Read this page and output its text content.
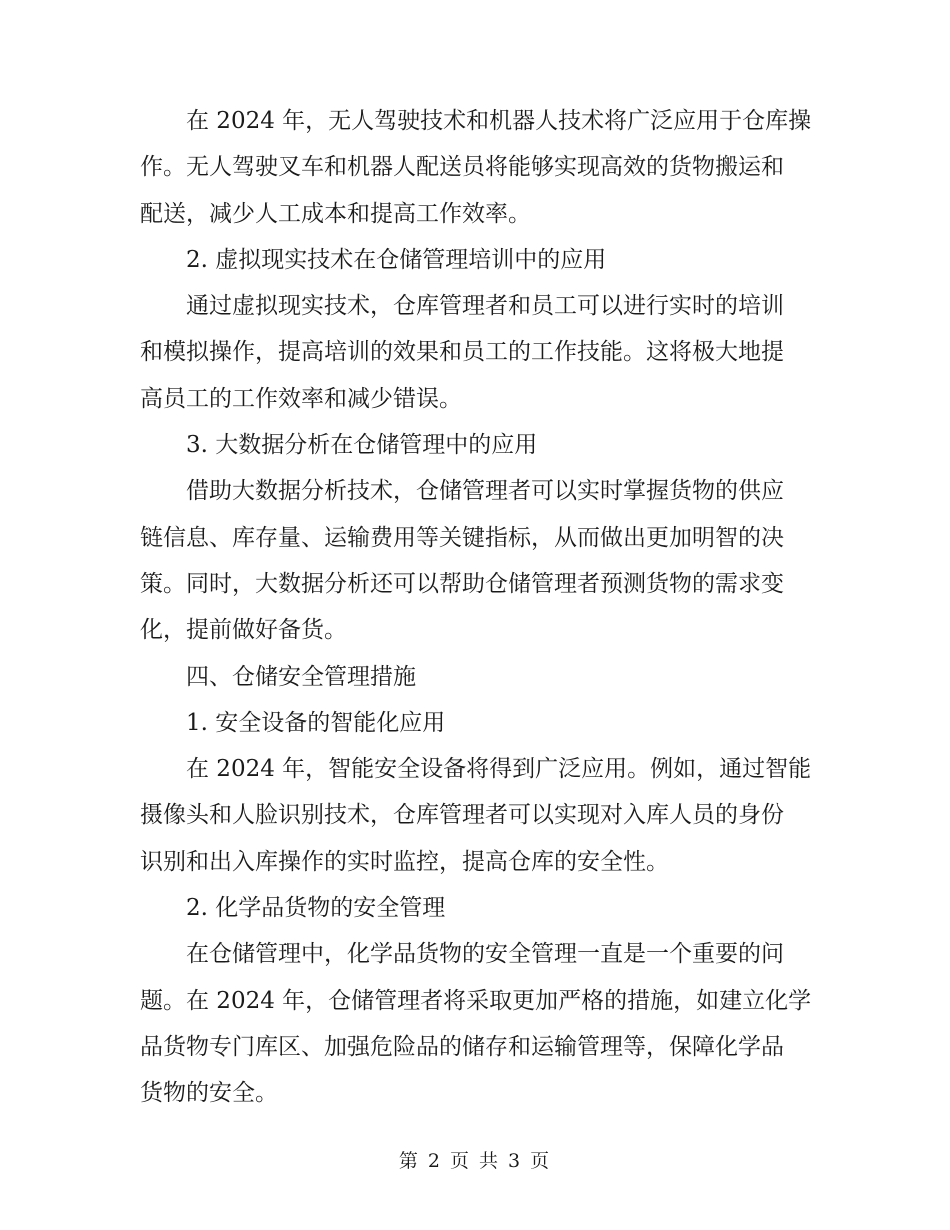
在 2024 年，无人驾驶技术和机器人技术将广泛应用于仓库操
作。无人驾驶叉车和机器人配送员将能够实现高效的货物搬运和
配送，减少人工成本和提高工作效率。
2. 虚拟现实技术在仓储管理培训中的应用
通过虚拟现实技术，仓库管理者和员工可以进行实时的培训
和模拟操作，提高培训的效果和员工的工作技能。这将极大地提
高员工的工作效率和减少错误。
3. 大数据分析在仓储管理中的应用
借助大数据分析技术，仓储管理者可以实时掌握货物的供应
链信息、库存量、运输费用等关键指标，从而做出更加明智的决
策。同时，大数据分析还可以帮助仓储管理者预测货物的需求变
化，提前做好备货。
四、仓储安全管理措施
1. 安全设备的智能化应用
在 2024 年，智能安全设备将得到广泛应用。例如，通过智能
摄像头和人脸识别技术，仓库管理者可以实现对入库人员的身份
识别和出入库操作的实时监控，提高仓库的安全性。
2. 化学品货物的安全管理
在仓储管理中，化学品货物的安全管理一直是一个重要的问
题。在 2024 年，仓储管理者将采取更加严格的措施，如建立化学
品货物专门库区、加强危险品的储存和运输管理等，保障化学品
货物的安全。
第 2 页 共 3 页
